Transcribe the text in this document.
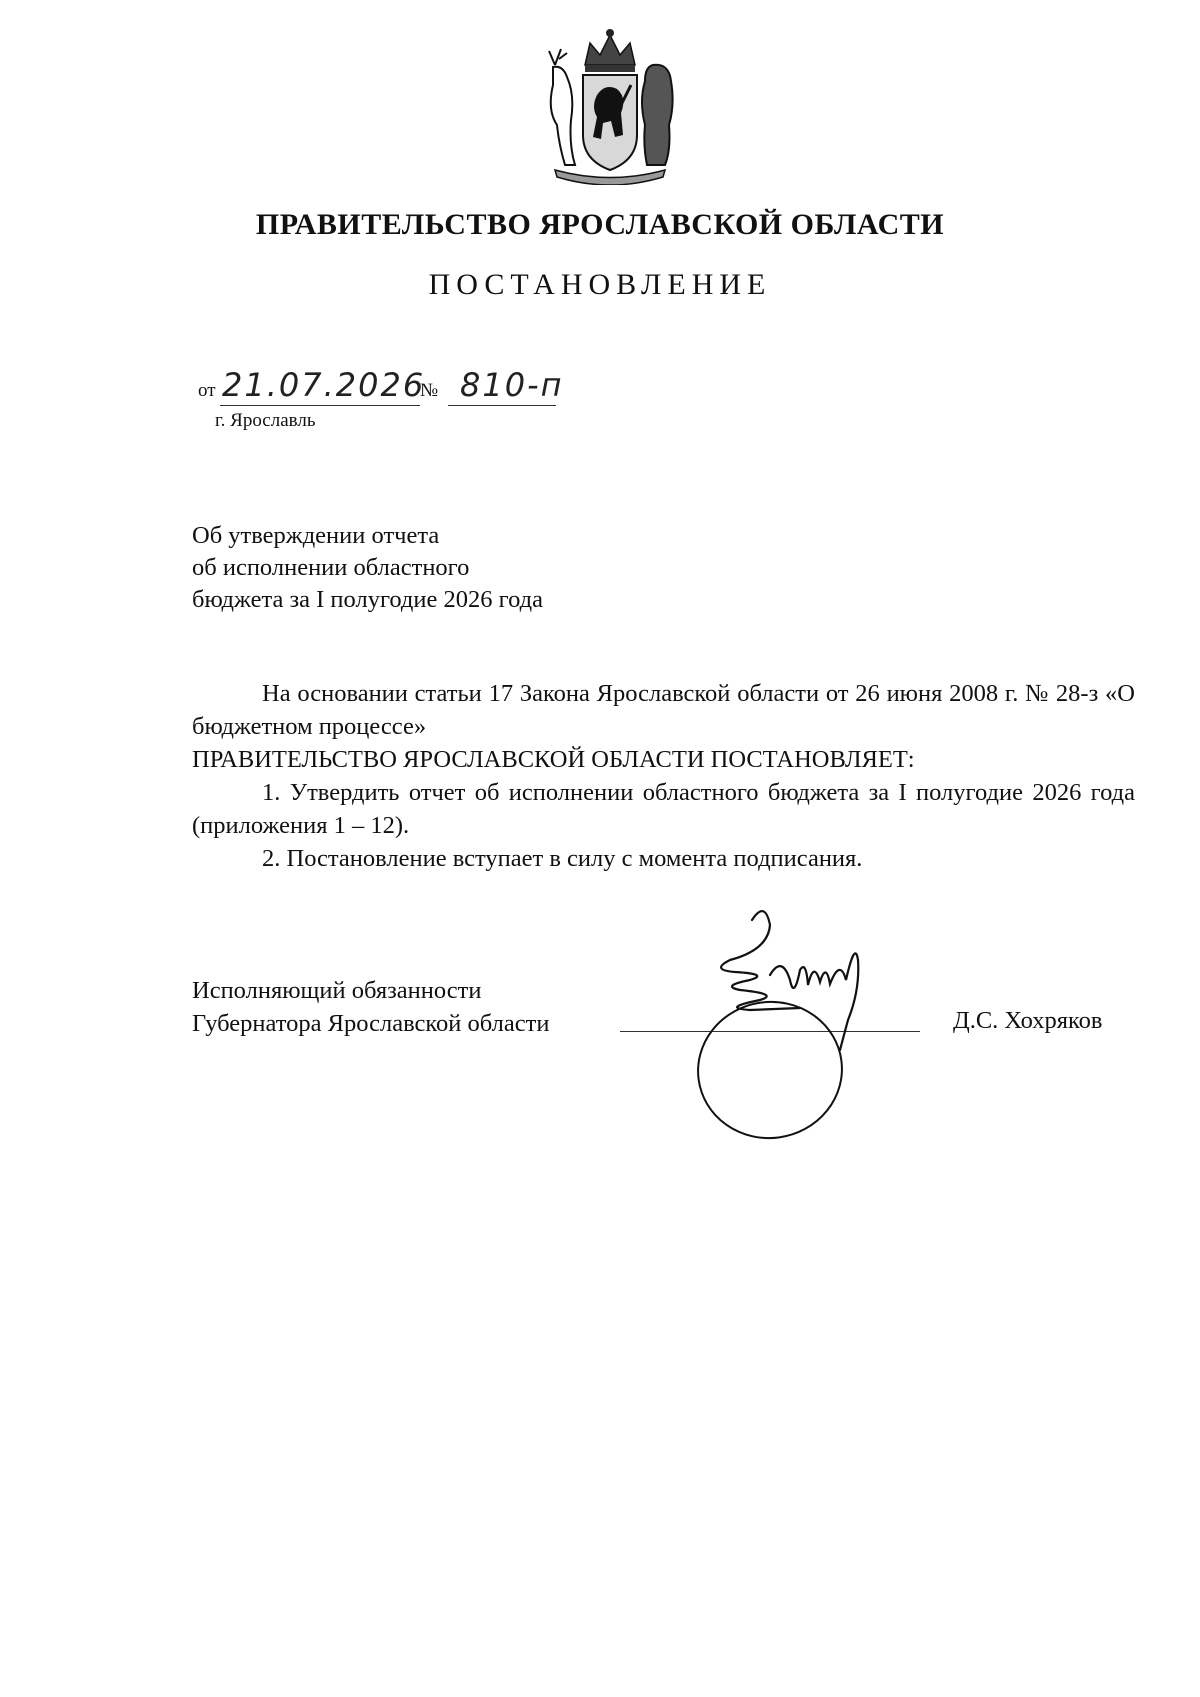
ПРАВИТЕЛЬСТВО ЯРОСЛАВСКОЙ ОБЛАСТИ
ПОСТАНОВЛЕНИЕ
от 21.07.2026
№ 810-п
г. Ярославль
Об утверждении отчета
об исполнении областного
бюджета за I полугодие 2026 года

На основании статьи 17 Закона Ярославской области от 26 июня 2008 г. № 28-з «О бюджетном процессе»

ПРАВИТЕЛЬСТВО ЯРОСЛАВСКОЙ ОБЛАСТИ ПОСТАНОВЛЯЕТ:

1. Утвердить отчет об исполнении областного бюджета за I полугодие 2026 года (приложения 1 – 12).

2. Постановление вступает в силу с момента подписания.

Исполняющий обязанности
Губернатора Ярославской области	Д.С. Хохряков
